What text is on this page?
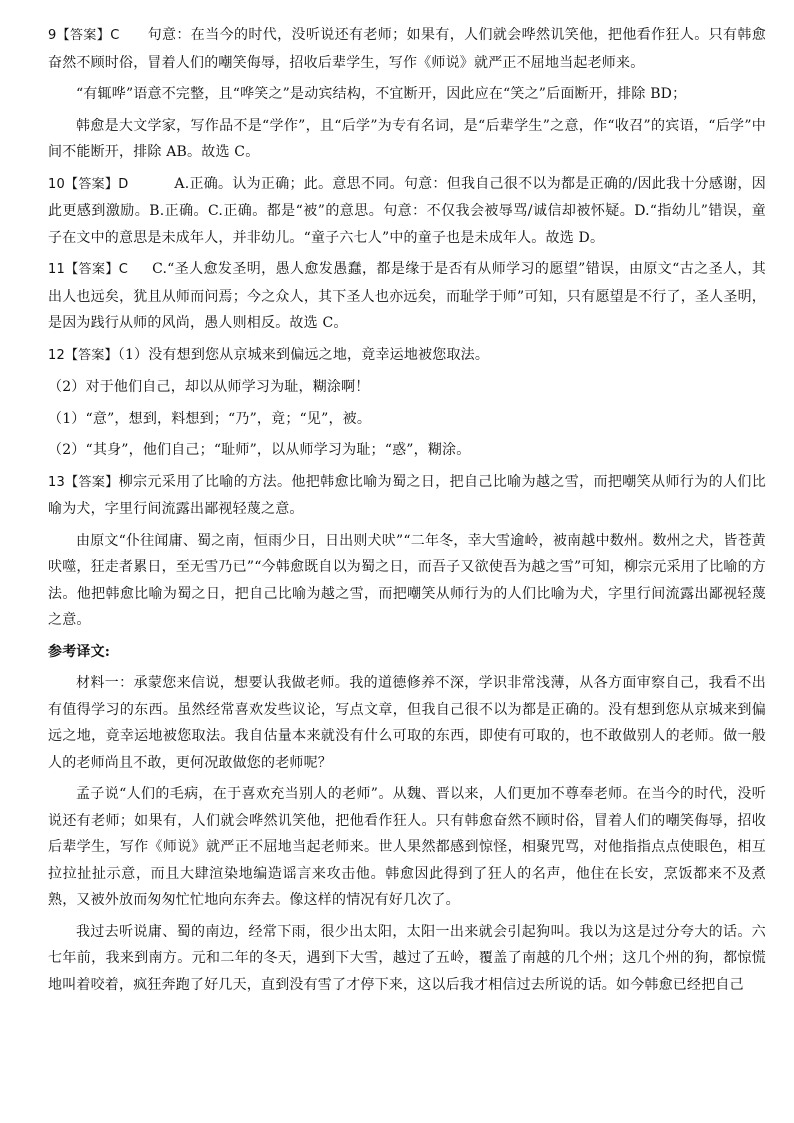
9【答案】C 句意：在当今的时代，没听说还有老师；如果有，人们就会哗然讥笑他，把他看作狂人。只有韩愈奋然不顾时俗，冒着人们的嘲笑侮辱，招收后辈学生，写作《师说》就严正不屈地当起老师来。

“有辄哗”语意不完整，且“哗笑之”是动宾结构，不宜断开，因此应在“笑之”后面断开，排除 BD；

韩愈是大文学家，写作品不是“学作”，且“后学”为专有名词，是“后辈学生”之意，作“收召”的宾语，“后学”中间不能断开，排除 AB。故选 C。

10【答案】D	A.正确。认为正确；此。意思不同。句意：但我自己很不以为都是正确的/因此我十分感谢，因此更感到激励。B.正确。C.正确。都是“被”的意思。句意：不仅我会被辱骂/诚信却被怀疑。D.“指幼儿”错误，童子在文中的意思是未成年人，并非幼儿。“童子六七人”中的童子也是未成年人。故选 D。

11【答案】C C.“圣人愈发圣明，愚人愈发愚蠢，都是缘于是否有从师学习的愿望”错误，由原文“古之圣人，其出人也远矣，犹且从师而问焉；今之众人，其下圣人也亦远矣，而耻学于师”可知，只有愿望是不行了，圣人圣明，是因为践行从师的风尚，愚人则相反。故选 C。

12【答案】（1）没有想到您从京城来到偏远之地，竟幸运地被您取法。

（2）对于他们自己，却以从师学习为耻，糊涂啊！

（1）“意”，想到，料想到；“乃”，竟；“见”，被。

（2）“其身”，他们自己；“耻师”，以从师学习为耻；“惑”，糊涂。

13【答案】柳宗元采用了比喻的方法。他把韩愈比喻为蜀之日，把自己比喻为越之雪，而把嘲笑从师行为的人们比喻为犬，字里行间流露出鄙视轻蔑之意。

由原文“仆往闻庸、蜀之南，恒雨少日，日出则犬吠”“二年冬，幸大雪逾岭，被南越中数州。数州之犬，皆苍黄吠噬，狂走者累日，至无雪乃已”“今韩愈既自以为蜀之日，而吾子又欲使吾为越之雪”可知，柳宗元采用了比喻的方法。他把韩愈比喻为蜀之日，把自己比喻为越之雪，而把嘲笑从师行为的人们比喻为犬，字里行间流露出鄙视轻蔑之意。

参考译文:

材料一：承蒙您来信说，想要认我做老师。我的道德修养不深，学识非常浅薄，从各方面审察自己，我看不出有值得学习的东西。虽然经常喜欢发些议论，写点文章，但我自己很不以为都是正确的。没有想到您从京城来到偏远之地，竟幸运地被您取法。我自估量本来就没有什么可取的东西，即使有可取的，也不敢做别人的老师。做一般人的老师尚且不敢，更何况敢做您的老师呢？

孟子说“人们的毛病，在于喜欢充当别人的老师”。从魏、晋以来，人们更加不尊奉老师。在当今的时代，没听说还有老师；如果有，人们就会哗然讥笑他，把他看作狂人。只有韩愈奋然不顾时俗，冒着人们的嘲笑侮辱，招收后辈学生，写作《师说》就严正不屈地当起老师来。世人果然都感到惊怪，相聚咒骂，对他指指点点使眼色，相互拉拉扯扯示意，而且大肆渲染地编造谣言来攻击他。韩愈因此得到了狂人的名声，他住在长安，烹饭都来不及煮熟，又被外放而匆匆忙忙地向东奔去。像这样的情况有好几次了。

我过去听说庸、蜀的南边，经常下雨，很少出太阳，太阳一出来就会引起狗叫。我以为这是过分夸大的话。六七年前，我来到南方。元和二年的冬天，遇到下大雪，越过了五岭，覆盖了南越的几个州；这几个州的狗，都惊慌地叫着咬着，疯狂奔跑了好几天，直到没有雪了才停下来，这以后我才相信过去所说的话。如今韩愈已经把自己
